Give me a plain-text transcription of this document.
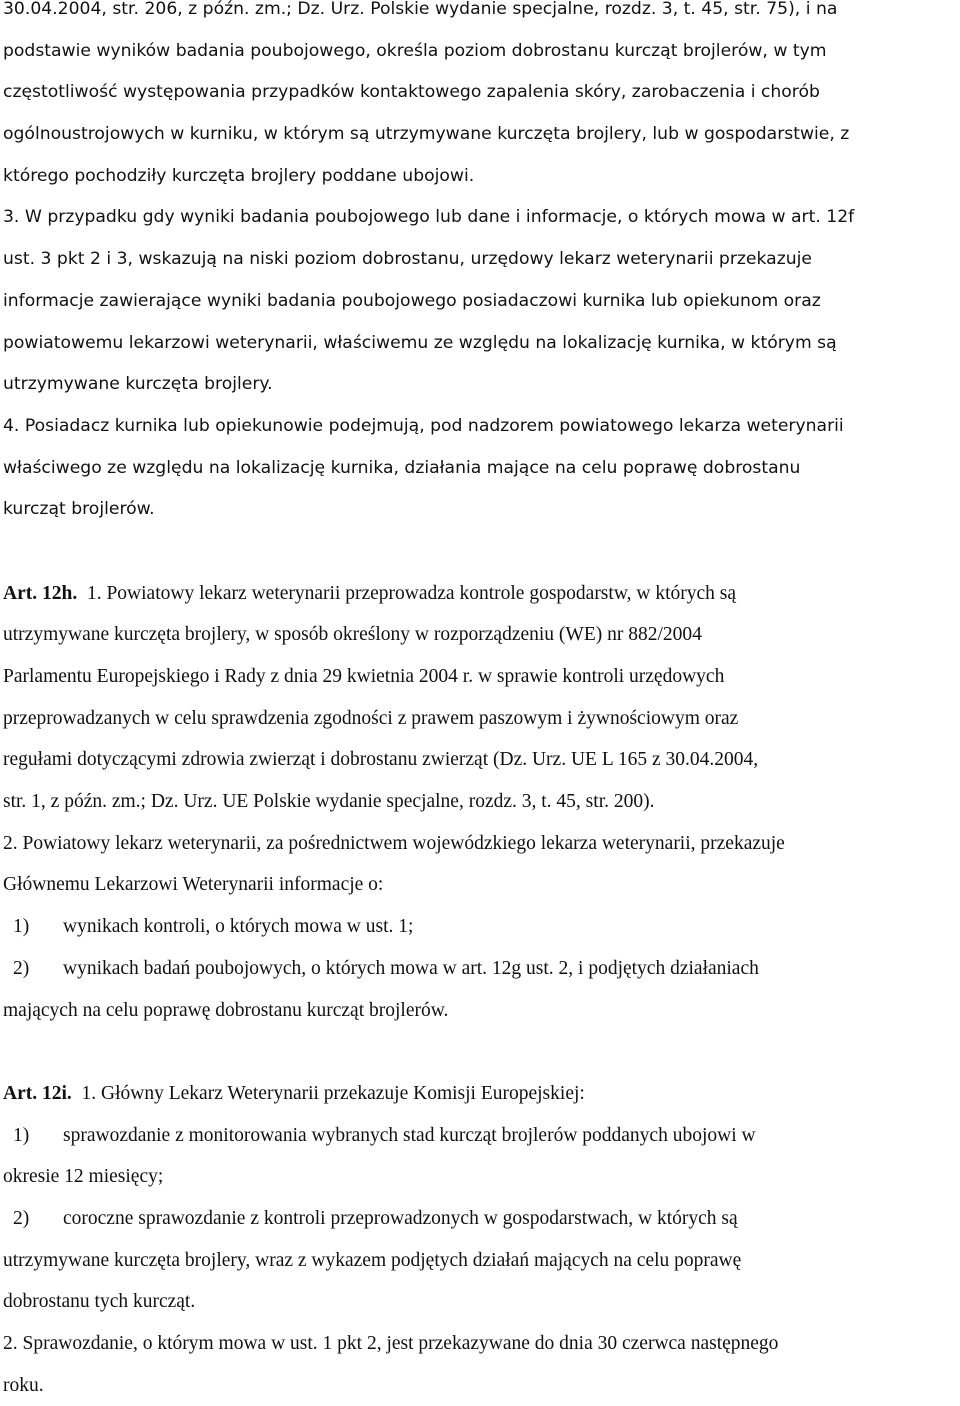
30.04.2004, str. 206, z późn. zm.; Dz. Urz. Polskie wydanie specjalne, rozdz. 3, t. 45, str. 75), i na
podstawie wyników badania poubojowego, określa poziom dobrostanu kurcząt brojlerów, w tym
częstotliwość występowania przypadków kontaktowego zapalenia skóry, zarobaczenia i chorób
ogólnoustrojowych w kurniku, w którym są utrzymywane kurczęta brojlery, lub w gospodarstwie, z
którego pochodziły kurczęta brojlery poddane ubojowi.
3. W przypadku gdy wyniki badania poubojowego lub dane i informacje, o których mowa w art. 12f
ust. 3 pkt 2 i 3, wskazują na niski poziom dobrostanu, urzędowy lekarz weterynarii przekazuje
informacje zawierające wyniki badania poubojowego posiadaczowi kurnika lub opiekunom oraz
powiatowemu lekarzowi weterynarii, właściwemu ze względu na lokalizację kurnika, w którym są
utrzymywane kurczęta brojlery.
4. Posiadacz kurnika lub opiekunowie podejmują, pod nadzorem powiatowego lekarza weterynarii
właściwego ze względu na lokalizację kurnika, działania mające na celu poprawę dobrostanu
kurcząt brojlerów.
Art. 12h. 1. Powiatowy lekarz weterynarii przeprowadza kontrole gospodarstw, w których są
utrzymywane kurczęta brojlery, w sposób określony w rozporządzeniu (WE) nr 882/2004
Parlamentu Europejskiego i Rady z dnia 29 kwietnia 2004 r. w sprawie kontroli urzędowych
przeprowadzanych w celu sprawdzenia zgodności z prawem paszowym i żywnościowym oraz
regułami dotyczącymi zdrowia zwierząt i dobrostanu zwierząt (Dz. Urz. UE L 165 z 30.04.2004,
str. 1, z późn. zm.; Dz. Urz. UE Polskie wydanie specjalne, rozdz. 3, t. 45, str. 200).
2. Powiatowy lekarz weterynarii, za pośrednictwem wojewódzkiego lekarza weterynarii, przekazuje
Głównemu Lekarzowi Weterynarii informacje o:
1)	wynikach kontroli, o których mowa w ust. 1;
2)	wynikach badań poubojowych, o których mowa w art. 12g ust. 2, i podjętych działaniach
mających na celu poprawę dobrostanu kurcząt brojlerów.
Art. 12i. 1. Główny Lekarz Weterynarii przekazuje Komisji Europejskiej:
1)	sprawozdanie z monitorowania wybranych stad kurcząt brojlerów poddanych ubojowi w
okresie 12 miesięcy;
2)	coroczne sprawozdanie z kontroli przeprowadzonych w gospodarstwach, w których są
utrzymywane kurczęta brojlery, wraz z wykazem podjętych działań mających na celu poprawę
dobrostanu tych kurcząt.
2. Sprawozdanie, o którym mowa w ust. 1 pkt 2, jest przekazywane do dnia 30 czerwca następnego
roku.
